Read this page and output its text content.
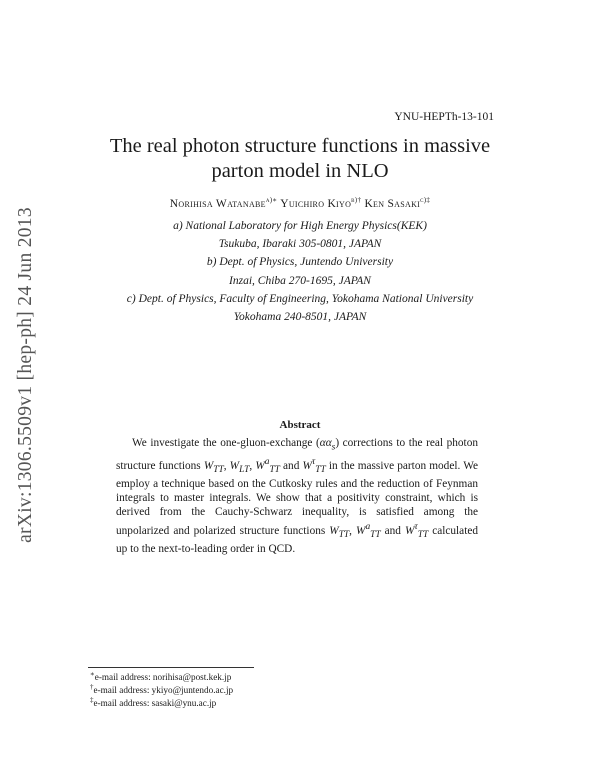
arXiv:1306.5509v1 [hep-ph] 24 Jun 2013
YNU-HEPTh-13-101
The real photon structure functions in massive
parton model in NLO
Norihisa Watanabe$^{a)∗}$ Yuichiro Kiyo$^{b)\dagger}$ Ken Sasaki$^{c)\ddagger}$
a) National Laboratory for High Energy Physics(KEK)
Tsukuba, Ibaraki 305-0801, JAPAN
b) Dept. of Physics, Juntendo University
Inzai, Chiba 270-1695, JAPAN
c) Dept. of Physics, Faculty of Engineering, Yokohama National University
Yokohama 240-8501, JAPAN
Abstract
We investigate the one-gluon-exchange $(\alpha\alpha_s)$ corrections to the real photon structure functions $W_{TT}$, $W_{LT}$, $W^a_{TT}$ and $W^\tau_{TT}$ in the massive parton model. We employ a technique based on the Cutkosky rules and the reduction of Feynman integrals to master integrals. We show that a positivity constraint, which is derived from the Cauchy-Schwarz inequality, is satisfied among the unpolarized and polarized structure functions $W_{TT}$, $W^a_{TT}$ and $W^\tau_{TT}$ calculated up to the next-to-leading order in QCD.
∗e-mail address: norihisa@post.kek.jp
†e-mail address: ykiyo@juntendo.ac.jp
‡e-mail address: sasaki@ynu.ac.jp
